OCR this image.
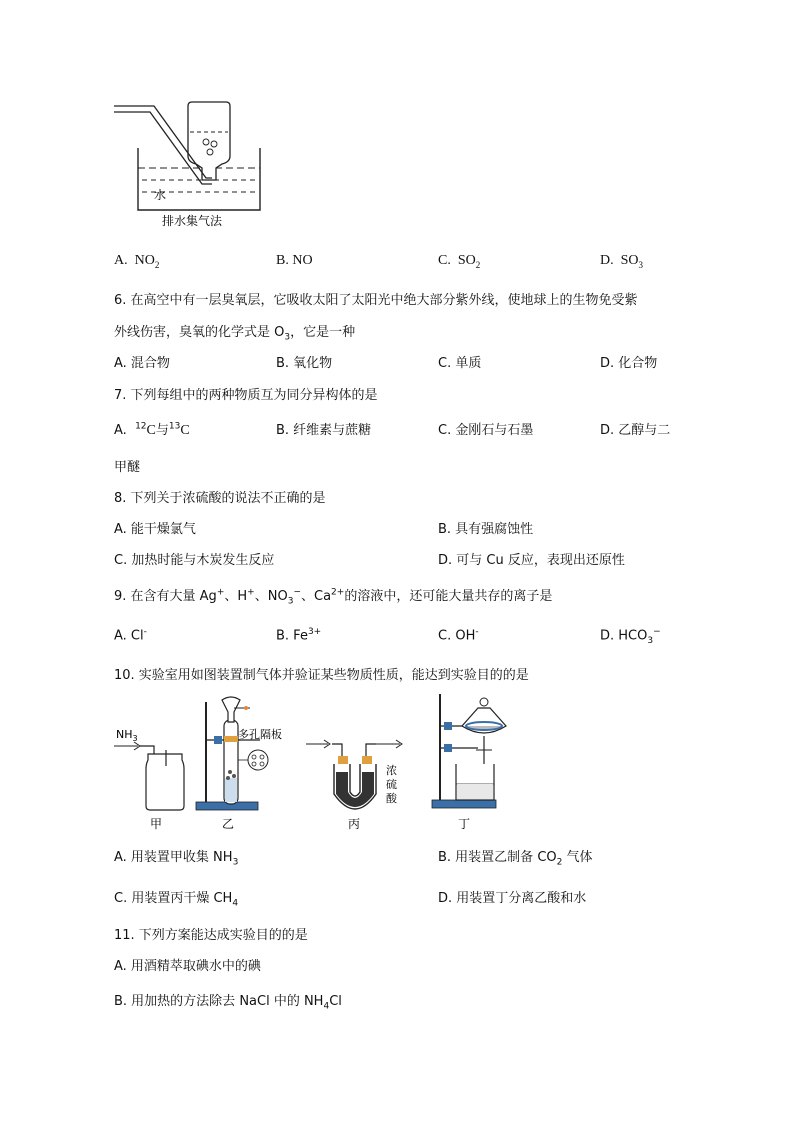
水
排水集气法
A. $NO_2$	B. NO	C. $SO_2$	D. $SO_3$
6. 在高空中有一层臭氧层，它吸收太阳了太阳光中绝大部分紫外线，使地球上的生物免受紫
外线伤害，臭氧的化学式是 $O_3$，它是一种
A. 混合物	B. 氧化物	C. 单质	D. 化合物
7. 下列每组中的两种物质互为同分异构体的是
A. $^{12}$C与$^{13}$C	B. 纤维素与蔗糖	C. 金刚石与石墨	D. 乙醇与二
甲醚
8. 下列关于浓硫酸的说法不正确的是
A. 能干燥氯气	B. 具有强腐蚀性
C. 加热时能与木炭发生反应	D. 可与 Cu 反应，表现出还原性
9. 在含有大量 Ag+、H+、$NO_3^-$、$Ca^{2+}$的溶液中，还可能大量共存的离子是
A. Cl-	B. $Fe^{3+}$	C. OH-	D. $HCO_3^-$
10. 实验室用如图装置制气体并验证某些物质性质，能达到实验目的的是
$NH_3$
甲
多孔隔板
乙
浓
硫
酸
丙	丁
A. 用装置甲收集 $NH_3$	B. 用装置乙制备 $CO_2$ 气体
C. 用装置丙干燥 $CH_4$	D. 用装置丁分离乙酸和水
11. 下列方案能达成实验目的的是
A. 用酒精萃取碘水中的碘
B. 用加热的方法除去 NaCl 中的 $NH_4Cl$
